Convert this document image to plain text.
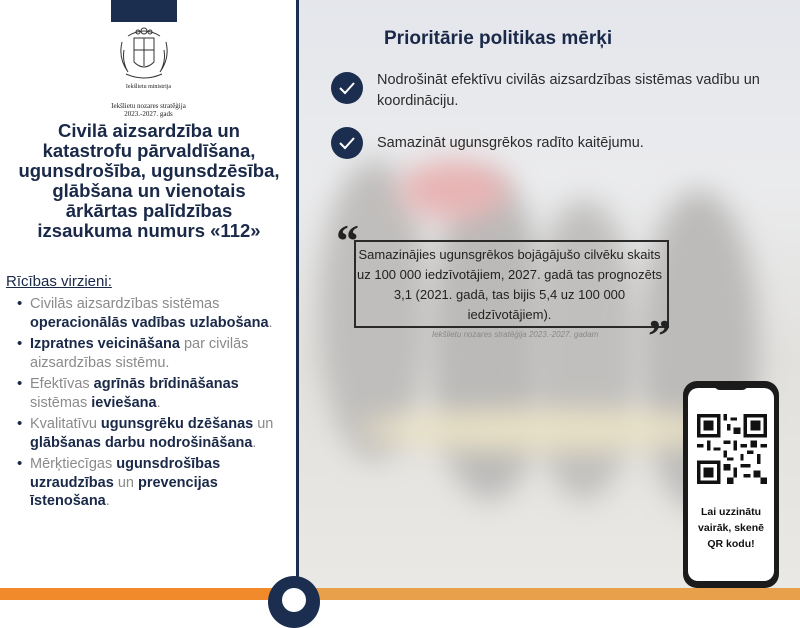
Iekšlietu ministrija
Iekšlietu nozares stratēģija
2023.-2027. gads
Civilā aizsardzība un
katastrofu pārvaldīšana,
ugunsdrošība, ugunsdzēsība,
glābšana un vienotais
ārkārtas palīdzības
izsaukuma numurs «112»
Rīcības virzieni:
• Civilās aizsardzības sistēmas operacionālās vadības uzlabošana.
• Izpratnes veicināšana par civilās aizsardzības sistēmu.
• Efektīvas agrīnās brīdināšanas sistēmas ieviešana.
• Kvalitatīvu ugunsgrēku dzēšanas un glābšanas darbu nodrošināšana.
• Mērķtiecīgas ugunsdrošības uzraudzības un prevencijas īstenošana.
Prioritārie politikas mērķi
Nodrošināt efektīvu civilās aizsardzības sistēmas vadību un koordināciju.
Samazināt ugunsgrēkos radīto kaitējumu.
“ Samazinājies ugunsgrēkos bojāgājušo cilvēku skaits uz 100 000 iedzīvotājiem, 2027. gadā tas prognozēts 3,1 (2021. gadā, tas bijis 5,4 uz 100 000 iedzīvotājiem).	”
Iekšlietu nozares stratēģija 2023.-2027. gadam
Lai uzzinātu vairāk, skenē QR kodu!
